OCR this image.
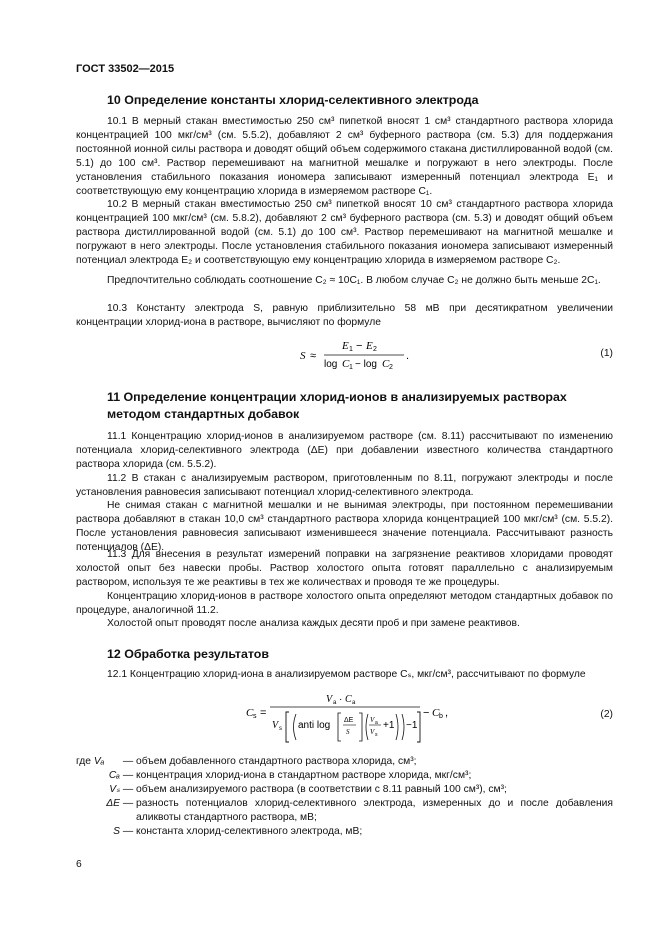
ГОСТ 33502—2015
10 Определение константы хлорид-селективного электрода

10.1 В мерный стакан вместимостью 250 см³ пипеткой вносят 1 см³ стандартного раствора хлорида концентрацией 100 мкг/см³ (см. 5.5.2), добавляют 2 см³ буферного раствора (см. 5.3) для поддержания постоянной ионной силы раствора и доводят общий объем содержимого стакана дистиллированной водой (см. 5.1) до 100 см³. Раствор перемешивают на магнитной мешалке и погружают в него электроды. После установления стабильного показания иономера записывают измеренный потенциал электрода E₁ и соответствующую ему концентрацию хлорида в измеряемом растворе C₁.

10.2 В мерный стакан вместимостью 250 см³ пипеткой вносят 10 см³ стандартного раствора хлорида концентрацией 100 мкг/см³ (см. 5.8.2), добавляют 2 см³ буферного раствора (см. 5.3) и доводят общий объем раствора дистиллированной водой (см. 5.1) до 100 см³. Раствор перемешивают на магнитной мешалке и погружают в него электроды. После установления стабильного показания иономера записывают измеренный потенциал электрода E₂ и соответствующую ему концентрацию хлорида в измеряемом растворе C₂.

Предпочтительно соблюдать соотношение C₂ ≈ 10C₁. В любом случае C₂ не должно быть меньше 2C₁.

10.3 Константу электрода S, равную приблизительно 58 мВ при десятикратном увеличении концентрации хлорид-иона в растворе, вычисляют по формуле

S ≈
E 1 − E 2
log C 1 − log C 2
.	(1)
11 Определение концентрации хлорид-ионов в анализируемых растворах методом стандартных добавок

11.1 Концентрацию хлорид-ионов в анализируемом растворе (см. 8.11) рассчитывают по изменению потенциала хлорид-селективного электрода (ΔE) при добавлении известного количества стандартного раствора хлорида (см. 5.5.2).

11.2 В стакан с анализируемым раствором, приготовленным по 8.11, погружают электроды и после установления равновесия записывают потенциал хлорид-селективного электрода.

Не снимая стакан с магнитной мешалки и не вынимая электроды, при постоянном перемешивании раствора добавляют в стакан 10,0 см³ стандартного раствора хлорида концентрацией 100 мкг/см³ (см. 5.5.2). После установления равновесия записывают изменившееся значение потенциала. Рассчитывают разность потенциалов (ΔE).

11.3 Для внесения в результат измерений поправки на загрязнение реактивов хлоридами проводят холостой опыт без навески пробы. Раствор холостого опыта готовят параллельно с анализируемым раствором, используя те же реактивы в тех же количествах и проводя те же процедуры.

Концентрацию хлорид-ионов в растворе холостого опыта определяют методом стандартных добавок по процедуре, аналогичной 11.2.

Холостой опыт проводят после анализа каждых десяти проб и при замене реактивов.

12 Обработка результатов

12.1 Концентрацию хлорид-иона в анализируемом растворе Cₛ, мкг/см³, рассчитывают по формуле

C s =
V a · C a
V s anti log ΔE
S
V a
V s
+1 −1
− C b ,	(2)
где Vₐ	— объем добавленного стандартного раствора хлорида, см³;
Cₐ — концентрация хлорид-иона в стандартном растворе хлорида, мкг/см³;
Vₛ — объем анализируемого раствора (в соответствии с 8.11 равный 100 см³), см³;
ΔE — разность потенциалов хлорид-селективного электрода, измеренных до и после добавления аликвоты стандартного раствора, мВ;
S — константа хлорид-селективного электрода, мВ;
6
